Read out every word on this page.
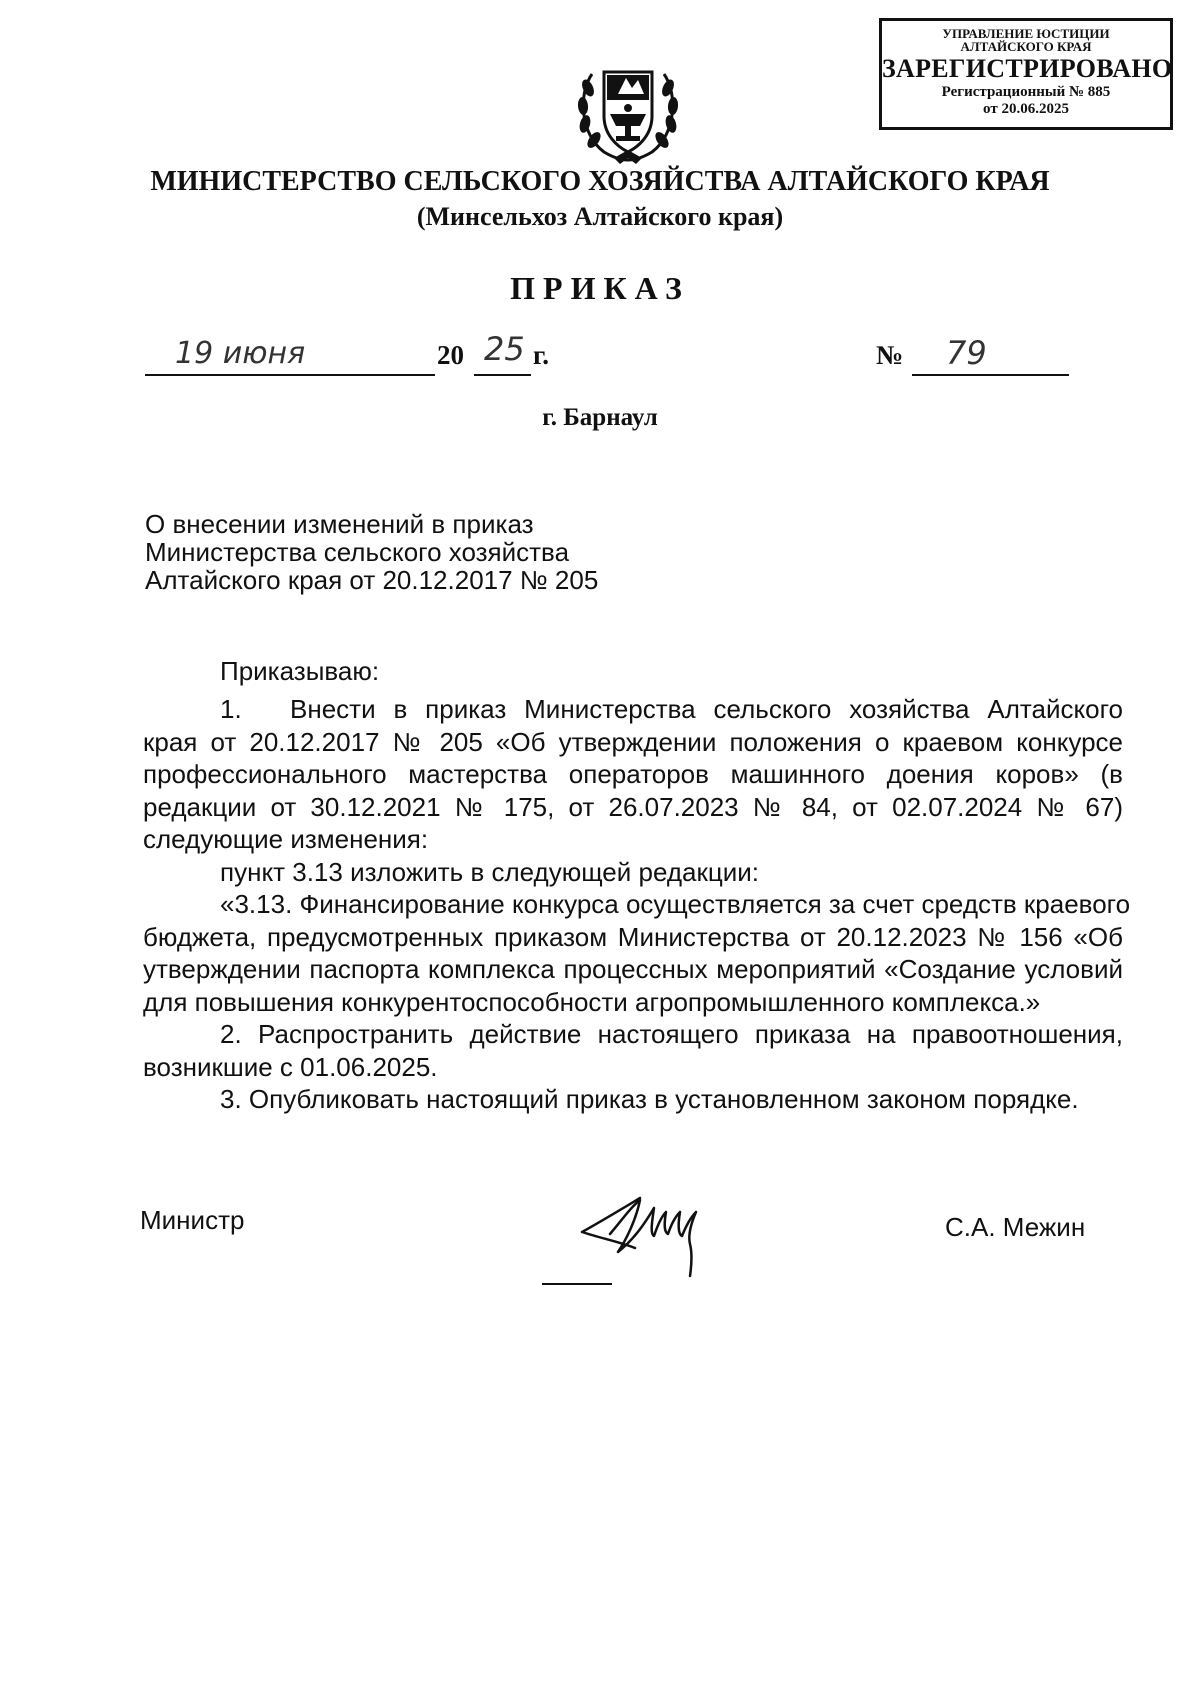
УПРАВЛЕНИЕ ЮСТИЦИИ
АЛТАЙСКОГО КРАЯ
ЗАРЕГИСТРИРОВАНО
Регистрационный № 885
от 20.06.2025
МИНИСТЕРСТВО СЕЛЬСКОГО ХОЗЯЙСТВА АЛТАЙСКОГО КРАЯ
(Минсельхоз Алтайского края)
ПРИКАЗ
19 июня	20 25 г.	№ 79
г. Барнаул
О внесении изменений в приказ
Министерства сельского хозяйства
Алтайского края от 20.12.2017 № 205
Приказываю:
1. Внести в приказ Министерства сельского хозяйства Алтайского
края от 20.12.2017 № 205 «Об утверждении положения о краевом конкурсе
профессионального мастерства операторов машинного доения коров» (в
редакции от 30.12.2021 № 175, от 26.07.2023 № 84, от 02.07.2024 № 67)
следующие изменения:
пункт 3.13 изложить в следующей редакции:
«3.13. Финансирование конкурса осуществляется за счет средств краевого
бюджета, предусмотренных приказом Министерства от 20.12.2023 № 156 «Об
утверждении паспорта комплекса процессных мероприятий «Создание условий
для повышения конкурентоспособности агропромышленного комплекса.»
2. Распространить действие настоящего приказа на правоотношения,
возникшие с 01.06.2025.
3. Опубликовать настоящий приказ в установленном законом порядке.
Министр	С.А. Межин
